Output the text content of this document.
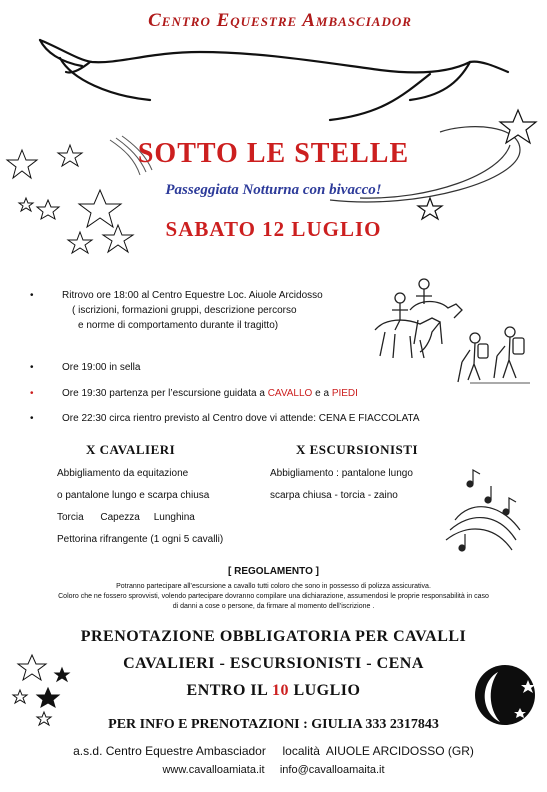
Centro Equestre Ambasciador
SOTTO LE STELLE
Passeggiata Notturna con bivacco!
SABATO 12 LUGLIO
•	Ritrovo ore 18:00 al Centro Equestre Loc. Aiuole Arcidosso
( iscrizioni, formazioni gruppi, descrizione percorso
e norme di comportamento durante il tragitto)
•	Ore 19:00 in sella
•	Ore 19:30 partenza per l’escursione guidata a CAVALLO e a PIEDI
•	Ore 22:30 circa rientro previsto al Centro dove vi attende: CENA E FIACCOLATA
X CAVALIERI
Abbigliamento da equitazione
o pantalone lungo e scarpa chiusa
Torcia      Capezza     Lunghina
Pettorina rifrangente (1 ogni 5 cavalli)
X ESCURSIONISTI
Abbigliamento : pantalone lungo
scarpa chiusa - torcia - zaino
[ REGOLAMENTO ]
Potranno partecipare all’escursione a cavallo tutti coloro che sono in possesso di polizza assicurativa.
Coloro che ne fossero sprovvisti, volendo partecipare dovranno compilare una dichiarazione, assumendosi le proprie responsabilità in caso
di danni a cose o persone, da firmare al momento dell’iscrizione .
PRENOTAZIONE OBBLIGATORIA PER CAVALLI
CAVALIERI - ESCURSIONISTI - CENA
ENTRO IL 10 LUGLIO
PER INFO E PRENOTAZIONI : GIULIA 333 2317843
a.s.d. Centro Equestre Ambasciador     località  AIUOLE ARCIDOSSO (GR)
www.cavalloamiata.it info@cavalloamaita.it
